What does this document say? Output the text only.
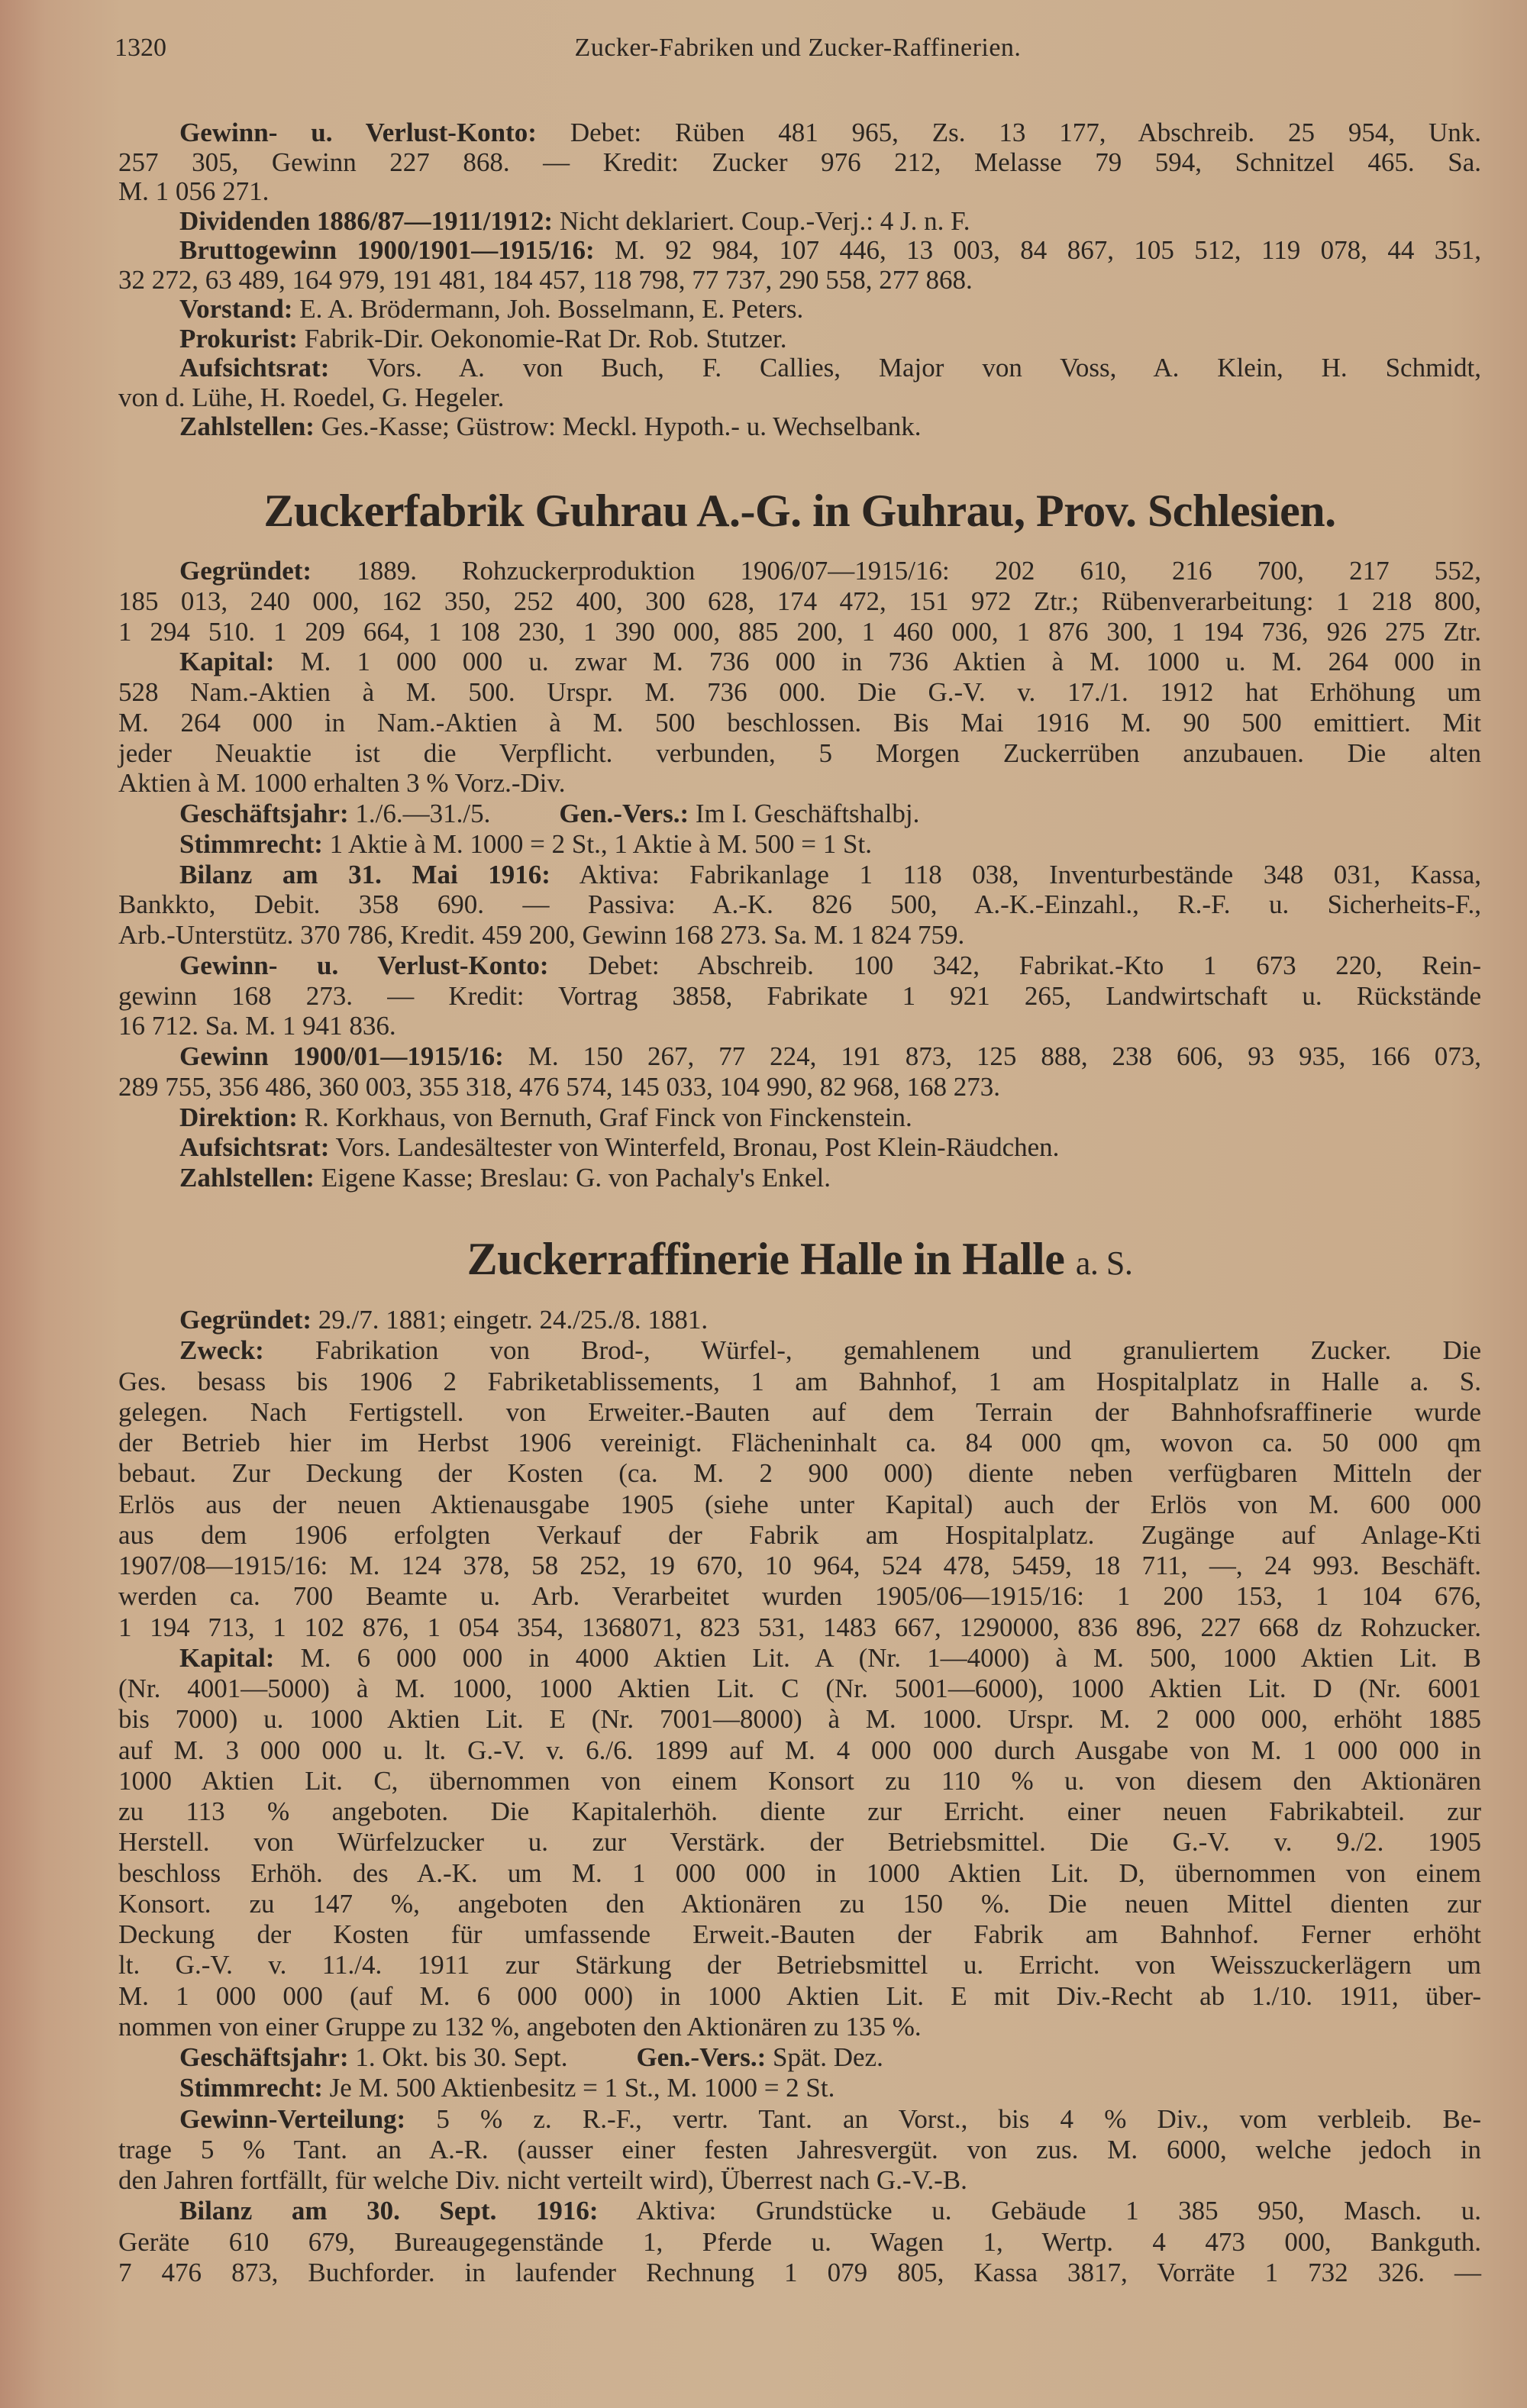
1320	Zucker-Fabriken und Zucker-Raffinerien.
Gewinn- u. Verlust-Konto: Debet: Rüben 481 965, Zs. 13 177, Abschreib. 25 954, Unk.
257 305, Gewinn 227 868. — Kredit: Zucker 976 212, Melasse 79 594, Schnitzel 465. Sa.
M. 1 056 271.
Dividenden 1886/87—1911/1912: Nicht deklariert. Coup.-Verj.: 4 J. n. F.
Bruttogewinn 1900/1901—1915/16: M. 92 984, 107 446, 13 003, 84 867, 105 512, 119 078, 44 351,
32 272, 63 489, 164 979, 191 481, 184 457, 118 798, 77 737, 290 558, 277 868.
Vorstand: E. A. Brödermann, Joh. Bosselmann, E. Peters.
Prokurist: Fabrik-Dir. Oekonomie-Rat Dr. Rob. Stutzer.
Aufsichtsrat: Vors. A. von Buch, F. Callies, Major von Voss, A. Klein, H. Schmidt,
von d. Lühe, H. Roedel, G. Hegeler.
Zahlstellen: Ges.-Kasse; Güstrow: Meckl. Hypoth.- u. Wechselbank.
Zuckerfabrik Guhrau A.-G. in Guhrau, Prov. Schlesien.
Gegründet: 1889. Rohzuckerproduktion 1906/07—1915/16: 202 610, 216 700, 217 552,
185 013, 240 000, 162 350, 252 400, 300 628, 174 472, 151 972 Ztr.; Rübenverarbeitung: 1 218 800,
1 294 510. 1 209 664, 1 108 230, 1 390 000, 885 200, 1 460 000, 1 876 300, 1 194 736, 926 275 Ztr.
Kapital: M. 1 000 000 u. zwar M. 736 000 in 736 Aktien à M. 1000 u. M. 264 000 in
528 Nam.-Aktien à M. 500. Urspr. M. 736 000. Die G.-V. v. 17./1. 1912 hat Erhöhung um
M. 264 000 in Nam.-Aktien à M. 500 beschlossen. Bis Mai 1916 M. 90 500 emittiert. Mit
jeder Neuaktie ist die Verpflicht. verbunden, 5 Morgen Zuckerrüben anzubauen. Die alten
Aktien à M. 1000 erhalten 3 % Vorz.-Div.
Geschäftsjahr: 1./6.—31./5.	Gen.-Vers.: Im I. Geschäftshalbj.
Stimmrecht: 1 Aktie à M. 1000 = 2 St., 1 Aktie à M. 500 = 1 St.
Bilanz am 31. Mai 1916: Aktiva: Fabrikanlage 1 118 038, Inventurbestände 348 031, Kassa,
Bankkto, Debit. 358 690. — Passiva: A.-K. 826 500, A.-K.-Einzahl., R.-F. u. Sicherheits-F.,
Arb.-Unterstütz. 370 786, Kredit. 459 200, Gewinn 168 273. Sa. M. 1 824 759.
Gewinn- u. Verlust-Konto: Debet: Abschreib. 100 342, Fabrikat.-Kto 1 673 220, Rein-
gewinn 168 273. — Kredit: Vortrag 3858, Fabrikate 1 921 265, Landwirtschaft u. Rückstände
16 712. Sa. M. 1 941 836.
Gewinn 1900/01—1915/16: M. 150 267, 77 224, 191 873, 125 888, 238 606, 93 935, 166 073,
289 755, 356 486, 360 003, 355 318, 476 574, 145 033, 104 990, 82 968, 168 273.
Direktion: R. Korkhaus, von Bernuth, Graf Finck von Finckenstein.
Aufsichtsrat: Vors. Landesältester von Winterfeld, Bronau, Post Klein-Räudchen.
Zahlstellen: Eigene Kasse; Breslau: G. von Pachaly's Enkel.
Zuckerraffinerie Halle in Halle a. S.
Gegründet: 29./7. 1881; eingetr. 24./25./8. 1881.
Zweck: Fabrikation von Brod-, Würfel-, gemahlenem und granuliertem Zucker. Die
Ges. besass bis 1906 2 Fabriketablissements, 1 am Bahnhof, 1 am Hospitalplatz in Halle a. S.
gelegen. Nach Fertigstell. von Erweiter.-Bauten auf dem Terrain der Bahnhofsraffinerie wurde
der Betrieb hier im Herbst 1906 vereinigt. Flächeninhalt ca. 84 000 qm, wovon ca. 50 000 qm
bebaut. Zur Deckung der Kosten (ca. M. 2 900 000) diente neben verfügbaren Mitteln der
Erlös aus der neuen Aktienausgabe 1905 (siehe unter Kapital) auch der Erlös von M. 600 000
aus dem 1906 erfolgten Verkauf der Fabrik am Hospitalplatz. Zugänge auf Anlage-Kti
1907/08—1915/16: M. 124 378, 58 252, 19 670, 10 964, 524 478, 5459, 18 711, —, 24 993. Beschäft.
werden ca. 700 Beamte u. Arb. Verarbeitet wurden 1905/06—1915/16: 1 200 153, 1 104 676,
1 194 713, 1 102 876, 1 054 354, 1368071, 823 531, 1483 667, 1290000, 836 896, 227 668 dz Rohzucker.
Kapital: M. 6 000 000 in 4000 Aktien Lit. A (Nr. 1—4000) à M. 500, 1000 Aktien Lit. B
(Nr. 4001—5000) à M. 1000, 1000 Aktien Lit. C (Nr. 5001—6000), 1000 Aktien Lit. D (Nr. 6001
bis 7000) u. 1000 Aktien Lit. E (Nr. 7001—8000) à M. 1000. Urspr. M. 2 000 000, erhöht 1885
auf M. 3 000 000 u. lt. G.-V. v. 6./6. 1899 auf M. 4 000 000 durch Ausgabe von M. 1 000 000 in
1000 Aktien Lit. C, übernommen von einem Konsort zu 110 % u. von diesem den Aktionären
zu 113 % angeboten. Die Kapitalerhöh. diente zur Erricht. einer neuen Fabrikabteil. zur
Herstell. von Würfelzucker u. zur Verstärk. der Betriebsmittel. Die G.-V. v. 9./2. 1905
beschloss Erhöh. des A.-K. um M. 1 000 000 in 1000 Aktien Lit. D, übernommen von einem
Konsort. zu 147 %, angeboten den Aktionären zu 150 %. Die neuen Mittel dienten zur
Deckung der Kosten für umfassende Erweit.-Bauten der Fabrik am Bahnhof. Ferner erhöht
lt. G.-V. v. 11./4. 1911 zur Stärkung der Betriebsmittel u. Erricht. von Weisszuckerlägern um
M. 1 000 000 (auf M. 6 000 000) in 1000 Aktien Lit. E mit Div.-Recht ab 1./10. 1911, über-
nommen von einer Gruppe zu 132 %, angeboten den Aktionären zu 135 %.
Geschäftsjahr: 1. Okt. bis 30. Sept.	Gen.-Vers.: Spät. Dez.
Stimmrecht: Je M. 500 Aktienbesitz = 1 St., M. 1000 = 2 St.
Gewinn-Verteilung: 5 % z. R.-F., vertr. Tant. an Vorst., bis 4 % Div., vom verbleib. Be-
trage 5 % Tant. an A.-R. (ausser einer festen Jahresvergüt. von zus. M. 6000, welche jedoch in
den Jahren fortfällt, für welche Div. nicht verteilt wird), Überrest nach G.-V.-B.
Bilanz am 30. Sept. 1916: Aktiva: Grundstücke u. Gebäude 1 385 950, Masch. u.
Geräte 610 679, Bureaugegenstände 1, Pferde u. Wagen 1, Wertp. 4 473 000, Bankguth.
7 476 873, Buchforder. in laufender Rechnung 1 079 805, Kassa 3817, Vorräte 1 732 326. —
